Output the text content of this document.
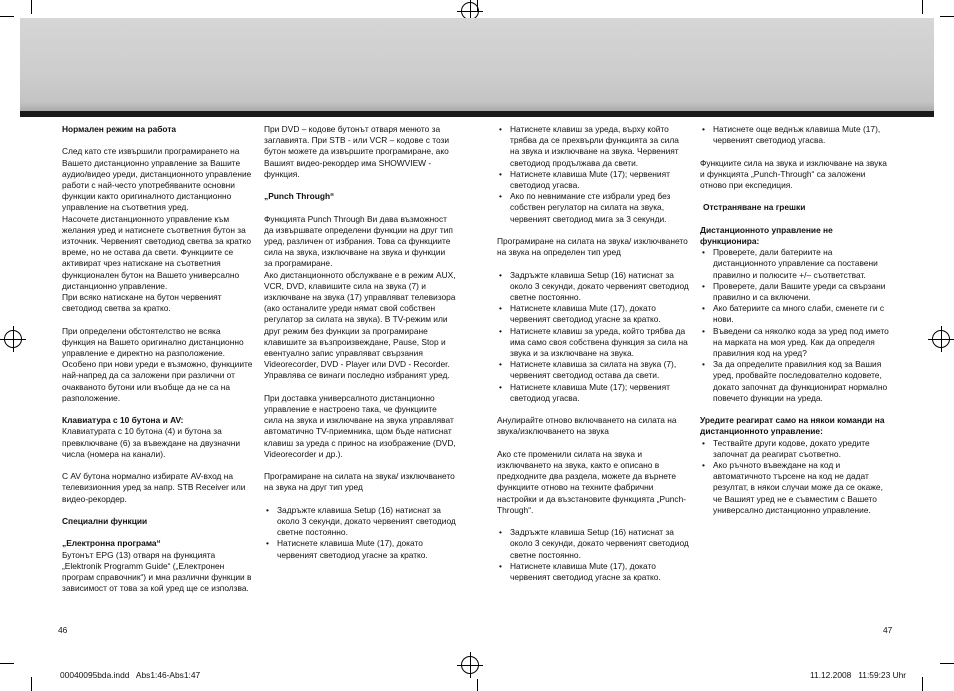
Нормален режим на работа

След като сте извършили програмирането на Вашето дистанционно управление за Вашите аудио/видео уреди, дистанционното управление работи с най-често употребяваните основни функции както оригиналното дистанционно управление на съответния уред.

Насочете дистанционното управление към желания уред и натиснете съответния бутон за източник. Червеният светодиод светва за кратко време, но не остава да свети. Функциите се активират чрез натискане на съответния функционален бутон на Вашето универсално дистанционно управление.

При всяко натискане на бутон червеният светодиод светва за кратко.

При определени обстоятелство не всяка функция на Вашето оригинално дистанционно управление е директно на разположение. Особено при нови уреди е възможно, функциите най-напред да са заложени при различни от очакваното бутони или въобще да не са на разположение.

Клавиатура с 10 бутона и AV:
Клавиатурата с 10 бутона (4) и бутона за превключване (6) за въвеждане на двузначни числа (номера на канали).

С AV бутона нормално избирате AV-вход на телевизионния уред за напр. STB Receiver или видео-рекордер.

Специални функции

„Електронна програма“
Бутонът EPG (13) отваря на функцията „Elektronik Programm Guide“ („Електронен програм справочник“) и мна различни функции в зависимост от това за кой уред ще се използва.

При DVD – кодове бутонът отваря менюто за заглавията. При STB - или VCR – кодове с този бутон можете да извършите програмиране, ако Вашият видео-рекордер има SHOWVIEW - функция.

„Punch Through“

Функцията Punch Through Ви дава възможност да извършвате определени функции на друг тип уред, различен от избрания. Това са функциите сила на звука, изключване на звука и функции за програмиране.

Ако дистанционното обслужване е в режим AUX, VCR, DVD, клавишите сила на звука (7) и изключване на звука (17) управляват телевизора (ако останалите уреди нямат свой собствен регулатор за силата на звука). В TV-режим или друг режим без функции за програмиране клавишите за възпроизвеждане, Pause, Stop и евентуално запис управляват свързания Videorecorder, DVD - Player или DVD - Recorder. Управлява се винаги последно избраният уред.

При доставка универсалното дистанционно управление е настроено така, че функциите сила на звука и изключване на звука управляват автоматично TV-приемника, щом бъде натиснат клавиш за уреда с принос на изображение (DVD, Videorecorder и др.).

Програмиране на силата на звука/ изключването на звука на друг тип уред

• Задръжте клавиша Setup (16) натиснат за около 3 секунди, докато червеният светодиод светне постоянно.
• Натиснете клавиша Mute (17), докато червеният светодиод угасне за кратко.
• Натиснете клавиш за уреда, върху който трябва да се прехвърли функцията за сила на звука и изключване на звука. Червеният светодиод продължава да свети.
• Натиснете клавиша Mute (17); червеният светодиод угасва.
• Ако по невнимание сте избрали уред без собствен регулатор на силата на звука, червеният светодиод мига за 3 секунди.

Програмиране на силата на звука/ изключването на звука на определен тип уред

• Задръжте клавиша Setup (16) натиснат за около 3 секунди, докато червеният светодиод светне постоянно.
• Натиснете клавиша Mute (17), докато червеният светодиод угасне за кратко.
• Натиснете клавиш за уреда, който трябва да има само своя собствена функция за сила на звука и за изключване на звука.
• Натиснете клавиша за силата на звука (7), червеният светодиод остава да свети.
• Натиснете клавиша Mute (17); червеният светодиод угасва.

Анулирайте отново включването на силата на звука/изключването на звука

Ако сте променили силата на звука и изключването на звука, както е описано в предходните два раздела, можете да върнете функциите отново на техните фабрични настройки и да възстановите функцията „Punch-Through“.

• Задръжте клавиша Setup (16) натиснат за около 3 секунди, докато червеният светодиод светне постоянно.
• Натиснете клавиша Mute (17), докато червеният светодиод угасне за кратко.
• Натиснете още веднъж клавиша Mute (17), червеният светодиод угасва.

Функциите сила на звука и изключване на звука и функцията „Punch-Through“ са заложени отново при експедиция.

Отстраняване на грешки

Дистанционното управление не функционира:

• Проверете, дали батериите на дистанционното управление са поставени правилно и полюсите +/– съответстват.
• Проверете, дали Вашите уреди са свързани правилно и са включени.
• Ако батериите са много слаби, сменете ги с нови.
• Въведени са няколко кода за уред под името на марката на моя уред. Как да определя правилния код на уред?
• За да определите правилния код за Вашия уред, пробвайте последователно кодовете, докато започнат да функционират нормално повечето функции на уреда.

Уредите реагират само на някои команди на дистанционното управление:

• Тествайте други кодове, докато уредите започнат да реагират съответно.
• Ако ръчното въвеждане на код и автоматичното търсене на код не дадат резултат, в някои случаи може да се окаже, че Вашият уред не е съвместим с Вашето универсално дистанционно управление.
46	47
00040095bda.indd   Abs1:46-Abs1:47	11.12.2008   11:59:23 Uhr
